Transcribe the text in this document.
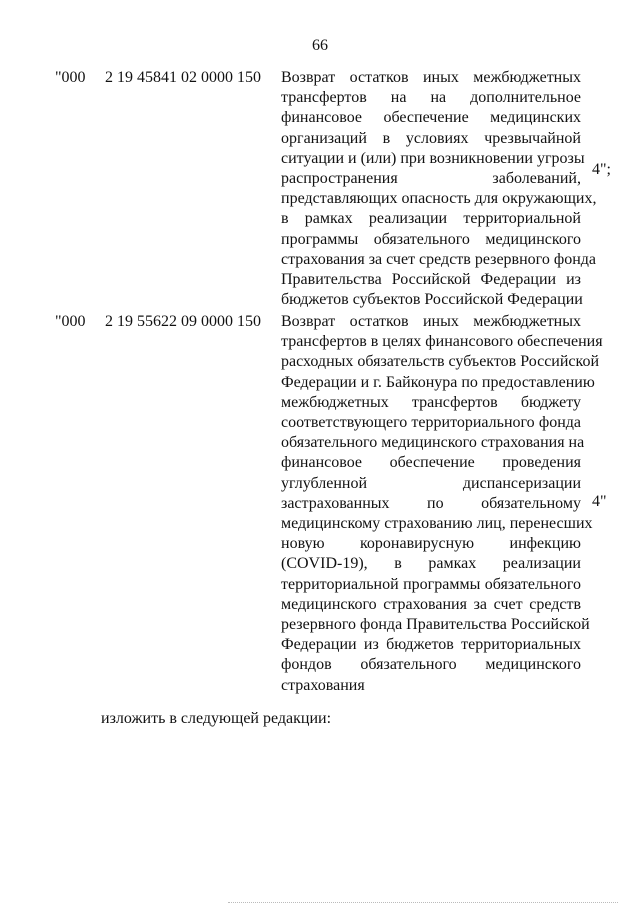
66
"000 2 19 45841 02 0000 150 Возврат остатков иных межбюджетных
трансфертов на на дополнительное
финансовое обеспечение медицинских
организаций в условиях чрезвычайной
ситуации и (или) при возникновении угрозы
распространения заболеваний,
представляющих опасность для окружающих,
в рамках реализации территориальной
программы обязательного медицинского
страхования за счет средств резервного фонда
Правительства Российской Федерации из
бюджетов субъектов Российской Федерации
4";
"000 2 19 55622 09 0000 150 Возврат остатков иных межбюджетных
трансфертов в целях финансового обеспечения
расходных обязательств субъектов Российской
Федерации и г. Байконура по предоставлению
межбюджетных трансфертов бюджету
соответствующего территориального фонда
обязательного медицинского страхования на
финансовое обеспечение проведения
углубленной диспансеризации
застрахованных по обязательному
медицинскому страхованию лиц, перенесших
новую коронавирусную инфекцию
(COVID-19), в рамках реализации
территориальной программы обязательного
медицинского страхования за счет средств
резервного фонда Правительства Российской
Федерации из бюджетов территориальных
фондов обязательного медицинского
страхования
4"
изложить в следующей редакции:
